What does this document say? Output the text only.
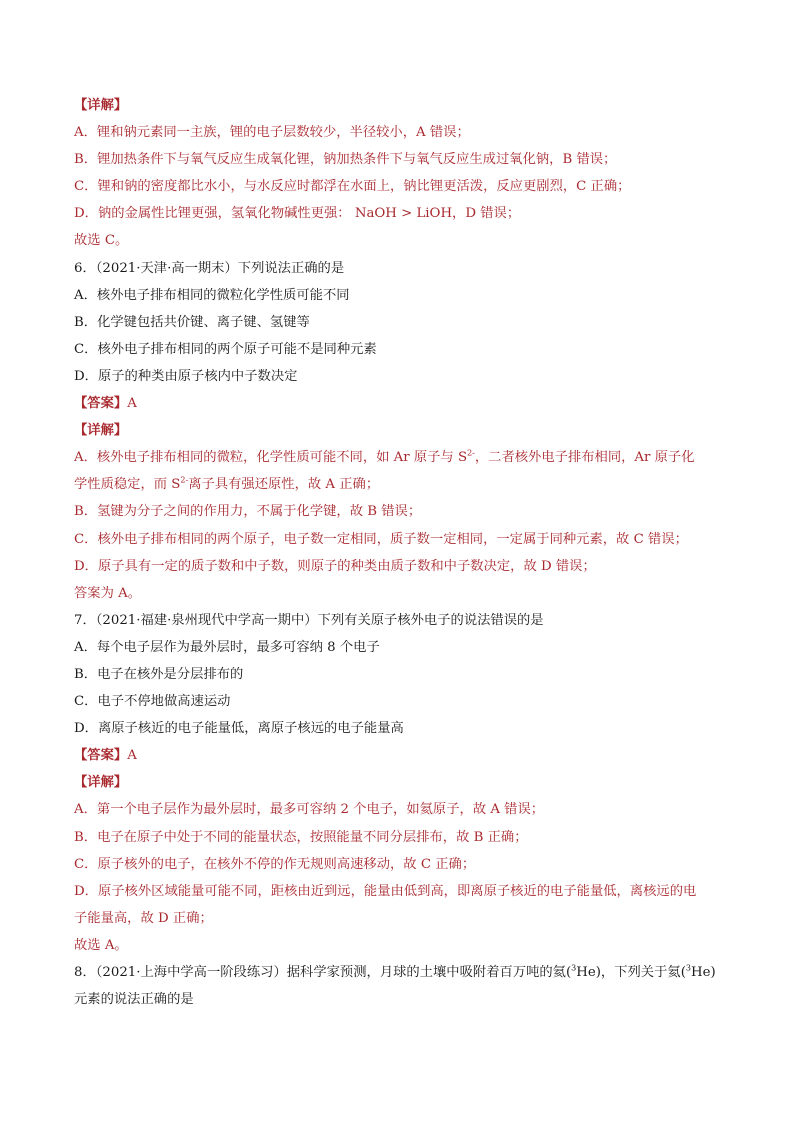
【详解】
A．锂和钠元素同一主族，锂的电子层数较少，半径较小，A 错误；
B．锂加热条件下与氧气反应生成氧化锂，钠加热条件下与氧气反应生成过氧化钠，B 错误；
C．锂和钠的密度都比水小，与水反应时都浮在水面上，钠比锂更活泼，反应更剧烈，C 正确；
D．钠的金属性比锂更强，氢氧化物碱性更强： NaOH > LiOH，D 错误；
故选 C。
6．（2021·天津·高一期末）下列说法正确的是
A．核外电子排布相同的微粒化学性质可能不同
B．化学键包括共价键、离子键、氢键等
C．核外电子排布相同的两个原子可能不是同种元素
D．原子的种类由原子核内中子数决定
【答案】A
【详解】
A．核外电子排布相同的微粒，化学性质可能不同，如 Ar 原子与 $S^{2-}$，二者核外电子排布相同，Ar 原子化
学性质稳定，而 $S^{2-}$离子具有强还原性，故 A 正确；
B．氢键为分子之间的作用力，不属于化学键，故 B 错误；
C．核外电子排布相同的两个原子，电子数一定相同，质子数一定相同，一定属于同种元素，故 C 错误；
D．原子具有一定的质子数和中子数，则原子的种类由质子数和中子数决定，故 D 错误；
答案为 A。
7．（2021·福建·泉州现代中学高一期中）下列有关原子核外电子的说法错误的是
A．每个电子层作为最外层时，最多可容纳 8 个电子
B．电子在核外是分层排布的
C．电子不停地做高速运动
D．离原子核近的电子能量低，离原子核远的电子能量高
【答案】A
【详解】
A．第一个电子层作为最外层时，最多可容纳 2 个电子，如氦原子，故 A 错误；
B．电子在原子中处于不同的能量状态，按照能量不同分层排布，故 B 正确；
C．原子核外的电子，在核外不停的作无规则高速移动，故 C 正确；
D．原子核外区域能量可能不同，距核由近到远，能量由低到高，即离原子核近的电子能量低，离核远的电
子能量高，故 D 正确；
故选 A。
8．（2021·上海中学高一阶段练习）据科学家预测，月球的土壤中吸附着百万吨的氦($^3$He)，下列关于氦($^3$He)
元素的说法正确的是
